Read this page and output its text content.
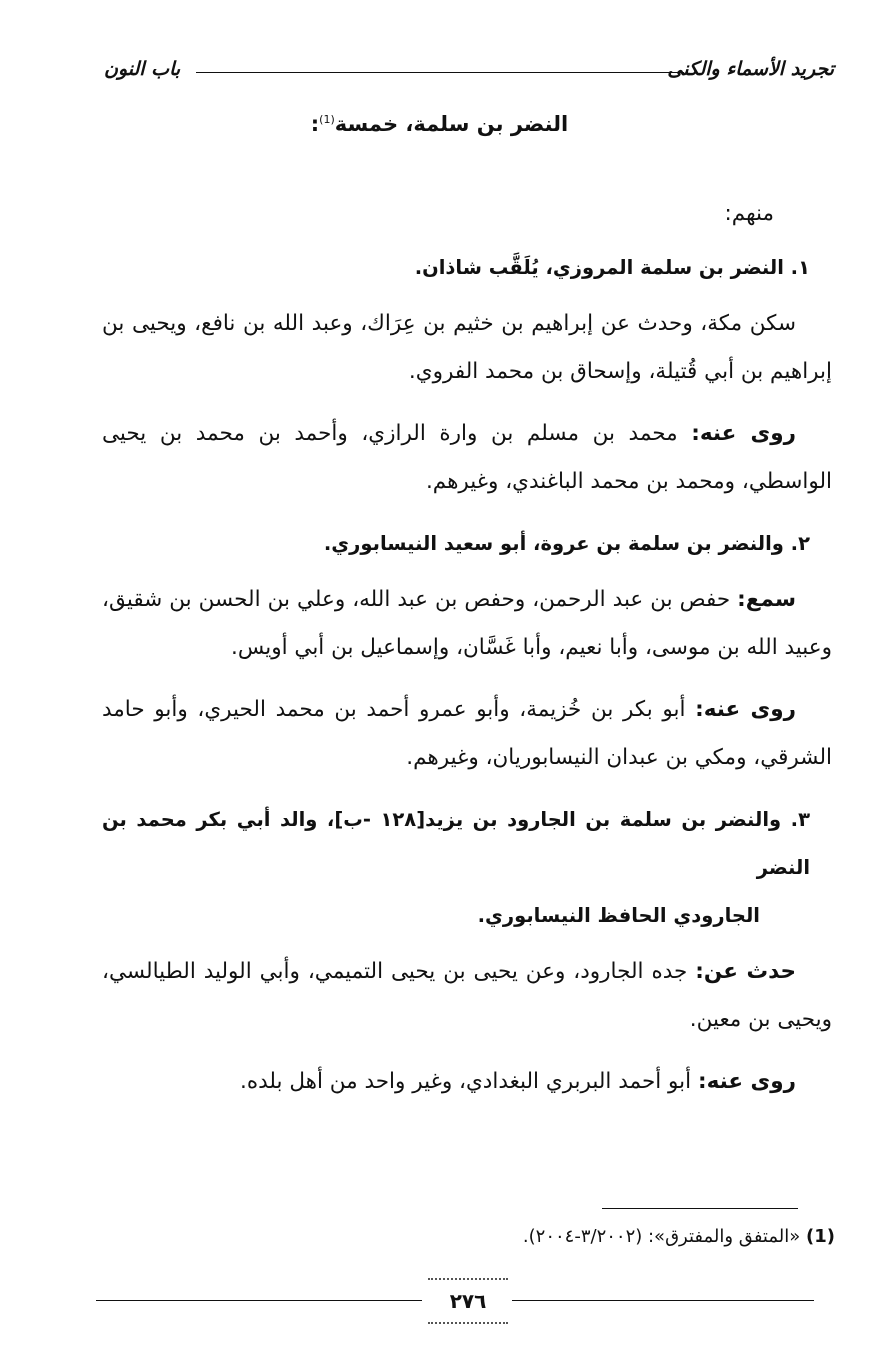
تجريد الأسماء والكنى
باب النون
النضر بن سلمة، خمسة$^{(1)}$:

منهم:

١. النضر بن سلمة المروزي، يُلَقَّب شاذان.

سكن مكة، وحدث عن إبراهيم بن خثيم بن عِرَاك، وعبد الله بن نافع، ويحيى بن إبراهيم بن أبي قُتيلة، وإسحاق بن محمد الفروي.

روى عنه: محمد بن مسلم بن وارة الرازي، وأحمد بن محمد بن يحيى الواسطي، ومحمد بن محمد الباغندي، وغيرهم.

٢. والنضر بن سلمة بن عروة، أبو سعيد النيسابوري.

سمع: حفص بن عبد الرحمن، وحفص بن عبد الله، وعلي بن الحسن بن شقيق، وعبيد الله بن موسى، وأبا نعيم، وأبا غَسَّان، وإسماعيل بن أبي أويس.

روى عنه: أبو بكر بن خُزيمة، وأبو عمرو أحمد بن محمد الحيري، وأبو حامد الشرقي، ومكي بن عبدان النيسابوريان، وغيرهم.

٣. والنضر بن سلمة بن الجارود بن يزيد[١٢٨ -ب]، والد أبي بكر محمد بن النضر
الجارودي الحافظ النيسابوري.

حدث عن: جده الجارود، وعن يحيى بن يحيى التميمي، وأبي الوليد الطيالسي، ويحيى بن معين.

روى عنه: أبو أحمد البربري البغدادي، وغير واحد من أهل بلده.

(1) «المتفق والمفترق»: (٣/٢٠٠٢-٢٠٠٤).
٢٧٦
